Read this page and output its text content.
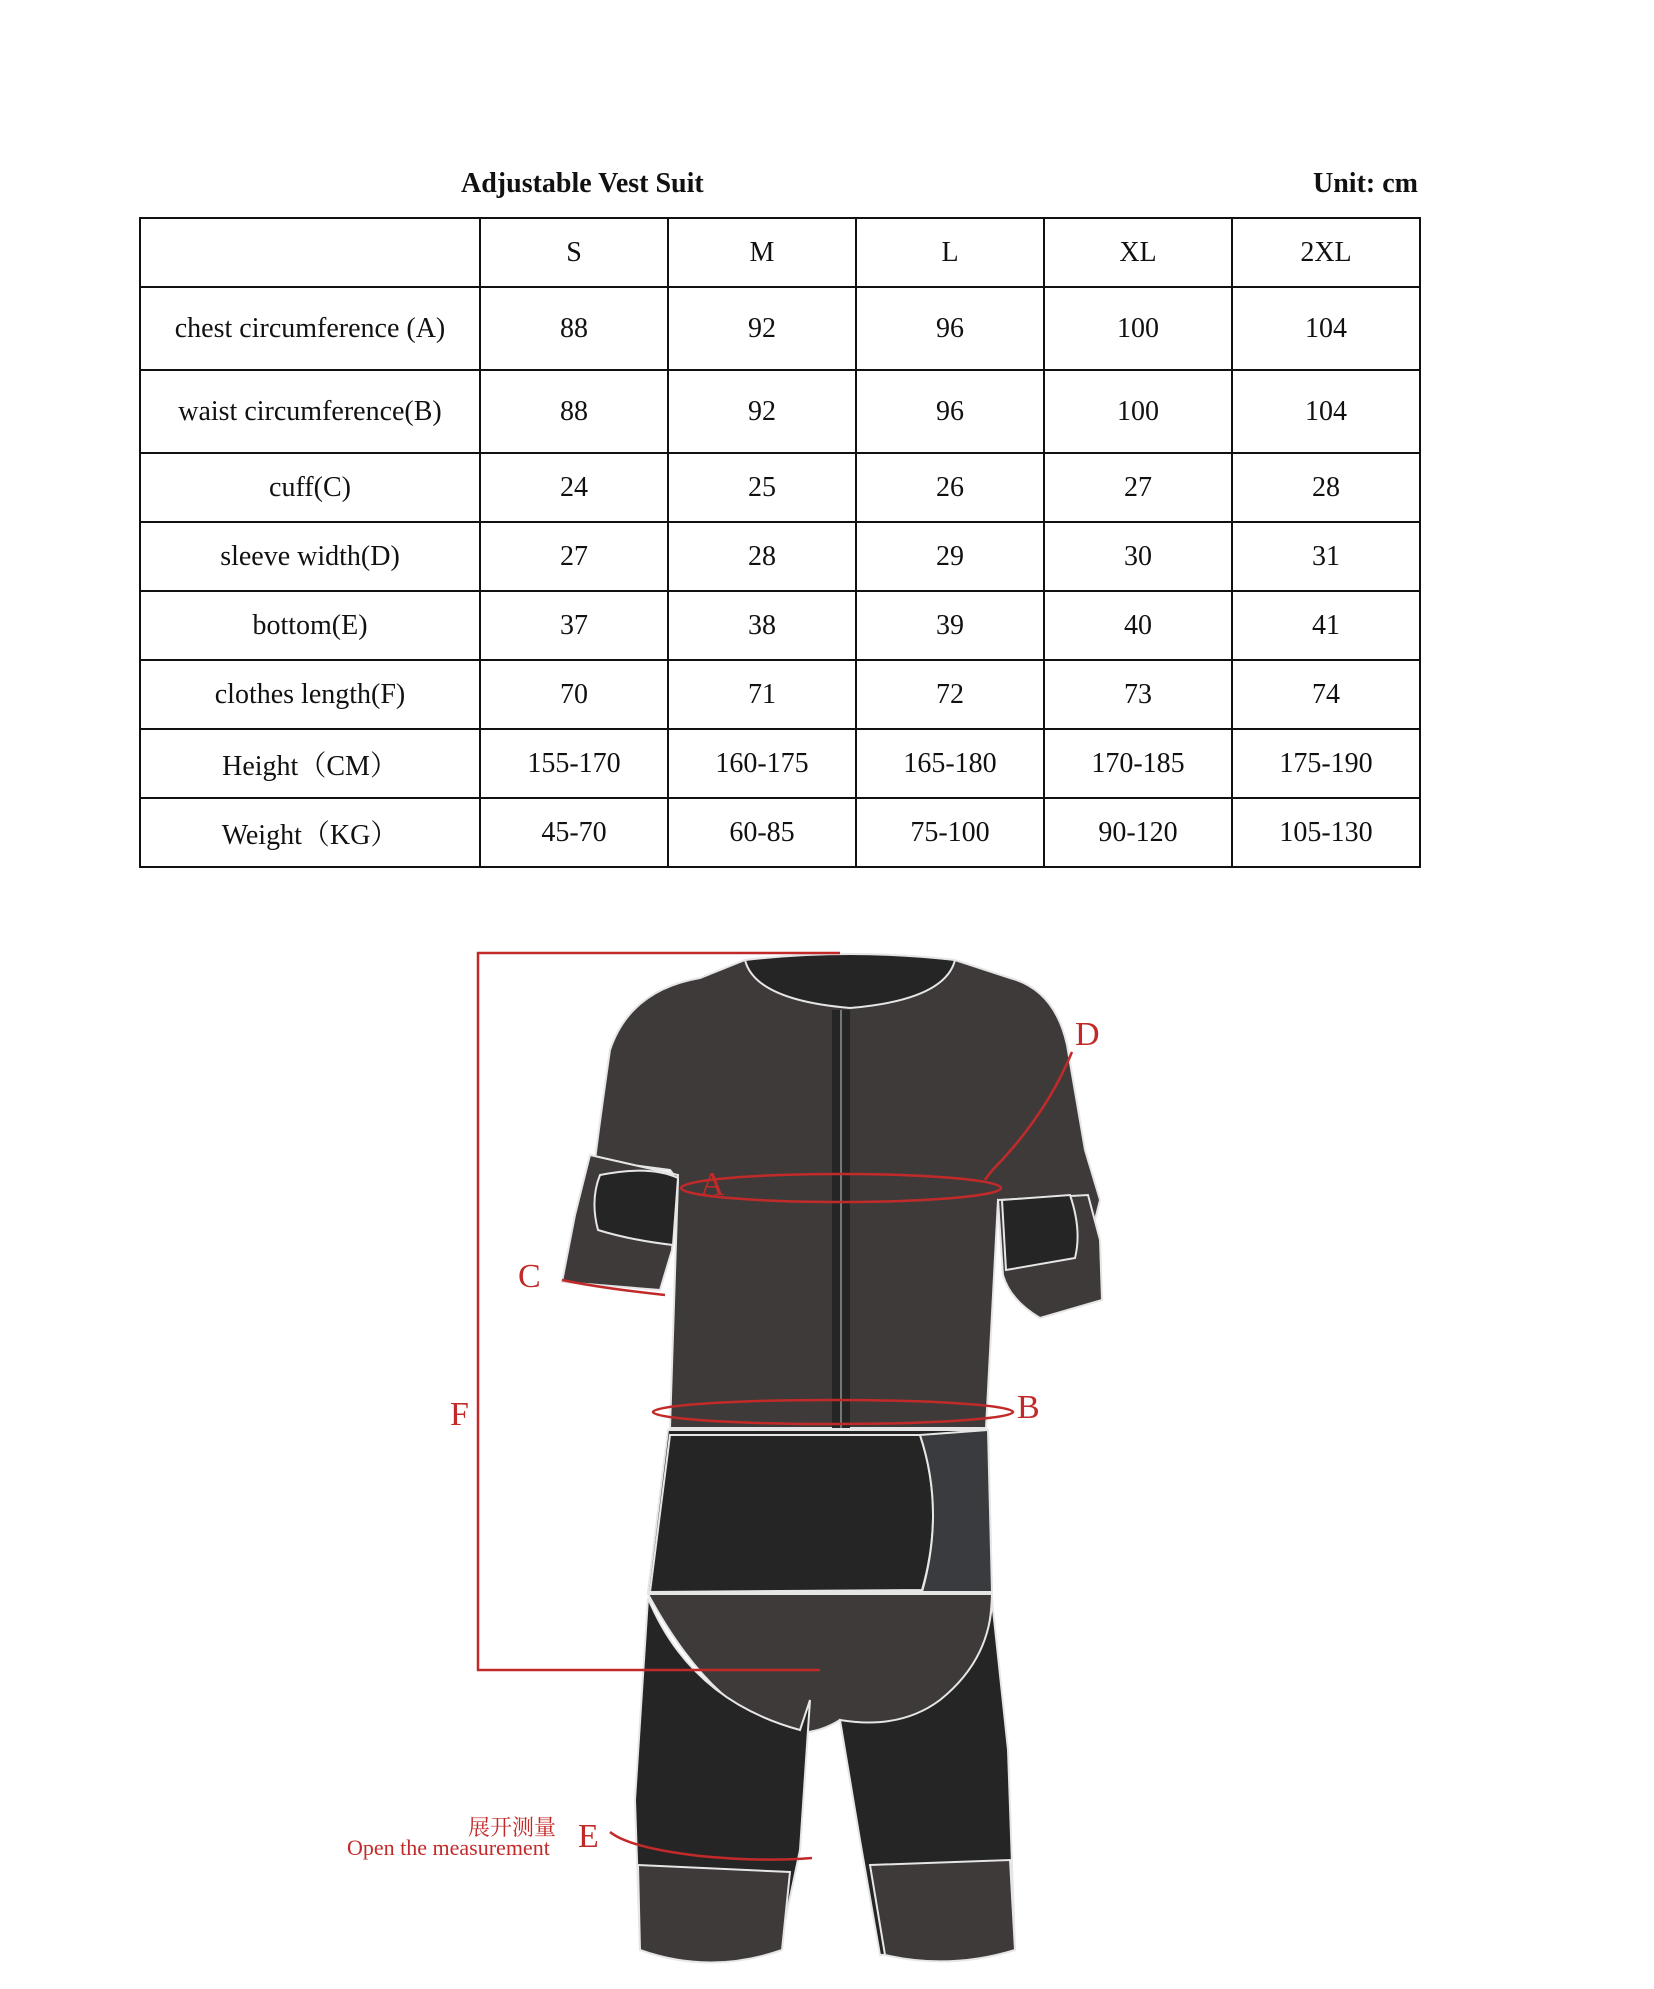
Adjustable Vest Suit	Unit: cm
	S	M	L	XL	2XL
chest circumference (A)	88	92	96	100	104
waist circumference(B)	88	92	96	100	104
cuff(C)	24	25	26	27	28
sleeve width(D)	27	28	29	30	31
bottom(E)	37	38	39	40	41
clothes length(F)	70	71	72	73	74
Height（CM）	155-170	160-175	165-180	170-185	175-190
Weight（KG）	45-70	60-85	75-100	90-120	105-130
A
B
C
D
E
F
展开测量
Open the measurement
